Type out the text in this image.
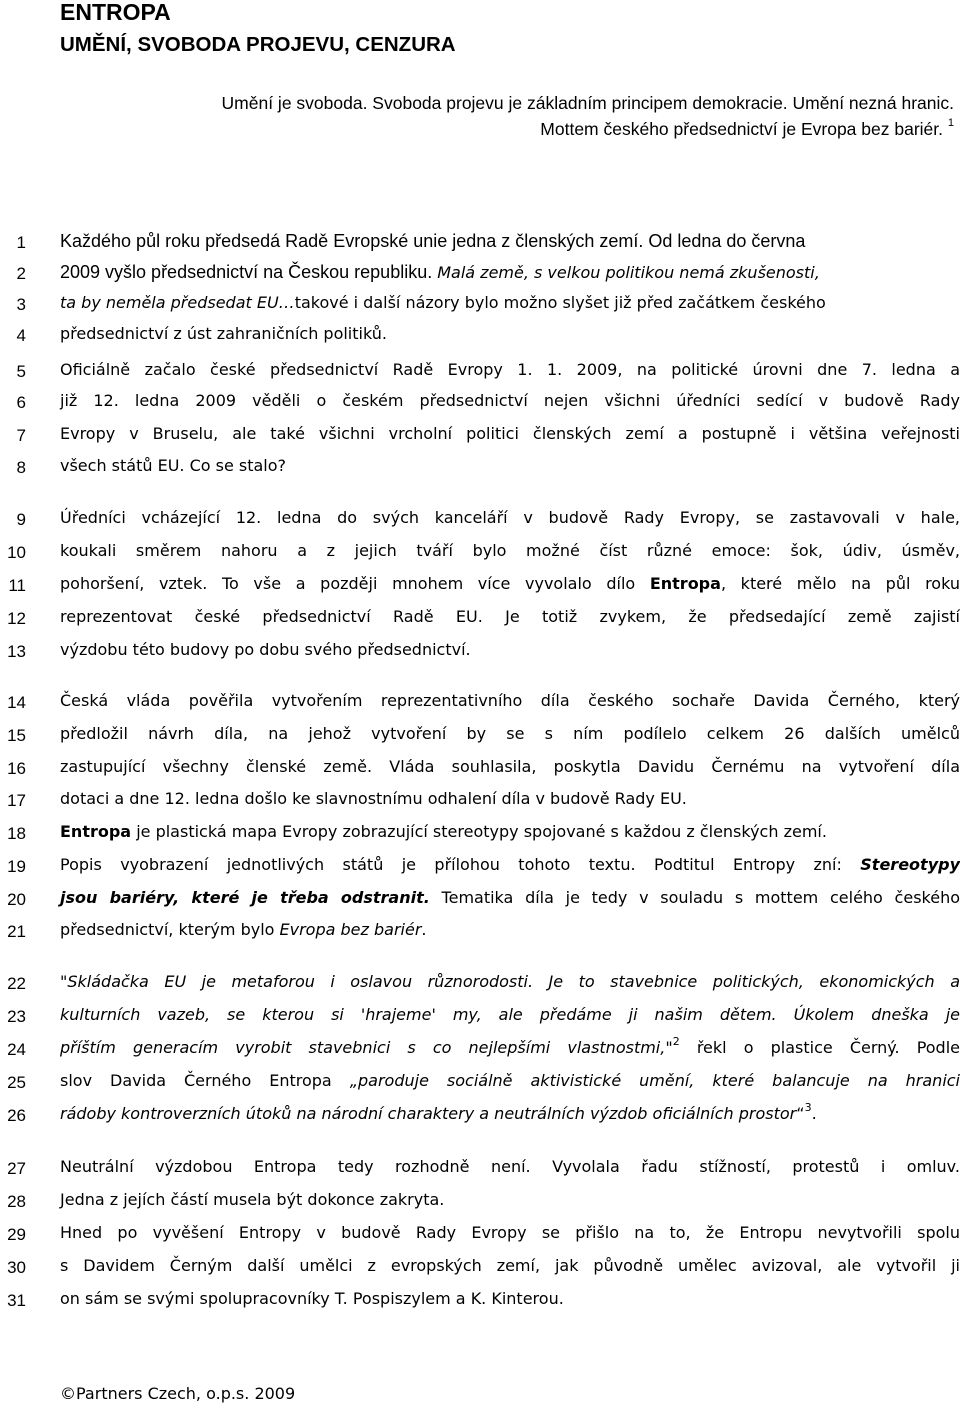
ENTROPA
UMĚNÍ, SVOBODA PROJEVU, CENZURA
Umění je svoboda. Svoboda projevu je základním principem demokracie. Umění nezná hranic.
Mottem českého předsednictví je Evropa bez bariér. $^1$
1
2
3
4
5
6
7
8
9
10
11
12
13
14
15
16
17
18
19
20
21
22
23
24
25
26
27
28
29
30
31
Každého půl roku předsedá Radě Evropské unie jedna z členských zemí. Od ledna do června
2009 vyšlo předsednictví na Českou republiku. Malá země, s velkou politikou nemá zkušenosti,
ta by neměla předsedat EU…takové i další názory bylo možno slyšet již před začátkem českého
předsednictví z úst zahraničních politiků.
Oficiálně začalo české předsednictví Radě Evropy 1. 1. 2009, na politické úrovni dne 7. ledna a
již 12. ledna 2009 věděli o českém předsednictví nejen všichni úředníci sedící v budově Rady
Evropy v Bruselu, ale také všichni vrcholní politici členských zemí a postupně i většina veřejnosti
všech států EU. Co se stalo?
Úředníci vcházející 12. ledna do svých kanceláří v budově Rady Evropy, se zastavovali v hale,
koukali směrem nahoru a z jejich tváří bylo možné číst různé emoce: šok, údiv, úsměv,
pohoršení, vztek. To vše a později mnohem více vyvolalo dílo Entropa, které mělo na půl roku
reprezentovat české předsednictví Radě EU. Je totiž zvykem, že předsedající země zajistí
výzdobu této budovy po dobu svého předsednictví.
Česká vláda pověřila vytvořením reprezentativního díla českého sochaře Davida Černého, který
předložil návrh díla, na jehož vytvoření by se s ním podílelo celkem 26 dalších umělců
zastupující všechny členské země. Vláda souhlasila, poskytla Davidu Černému na vytvoření díla
dotaci a dne 12. ledna došlo ke slavnostnímu odhalení díla v budově Rady EU.
Entropa je plastická mapa Evropy zobrazující stereotypy spojované s každou z členských zemí.
Popis vyobrazení jednotlivých států je přílohou tohoto textu. Podtitul Entropy zní: Stereotypy
jsou bariéry, které je třeba odstranit. Tematika díla je tedy v souladu s mottem celého českého
předsednictví, kterým bylo Evropa bez bariér.
"Skládačka EU je metaforou i oslavou různorodosti. Je to stavebnice politických, ekonomických a
kulturních vazeb, se kterou si 'hrajeme' my, ale předáme ji našim dětem. Úkolem dneška je
příštím generacím vyrobit stavebnici s co nejlepšími vlastnostmi,"$^2$ řekl o plastice Černý. Podle
slov Davida Černého Entropa „paroduje sociálně aktivistické umění, které balancuje na hranici
rádoby kontroverzních útoků na národní charaktery a neutrálních výzdob oficiálních prostor“$^3$.
Neutrální výzdobou Entropa tedy rozhodně není. Vyvolala řadu stížností, protestů i omluv.
Jedna z jejích částí musela být dokonce zakryta.
Hned po vyvěšení Entropy v budově Rady Evropy se přišlo na to, že Entropu nevytvořili spolu
s Davidem Černým další umělci z evropských zemí, jak původně umělec avizoval, ale vytvořil ji
on sám se svými spolupracovníky T. Pospiszylem a K. Kinterou.
©Partners Czech, o.p.s. 2009
